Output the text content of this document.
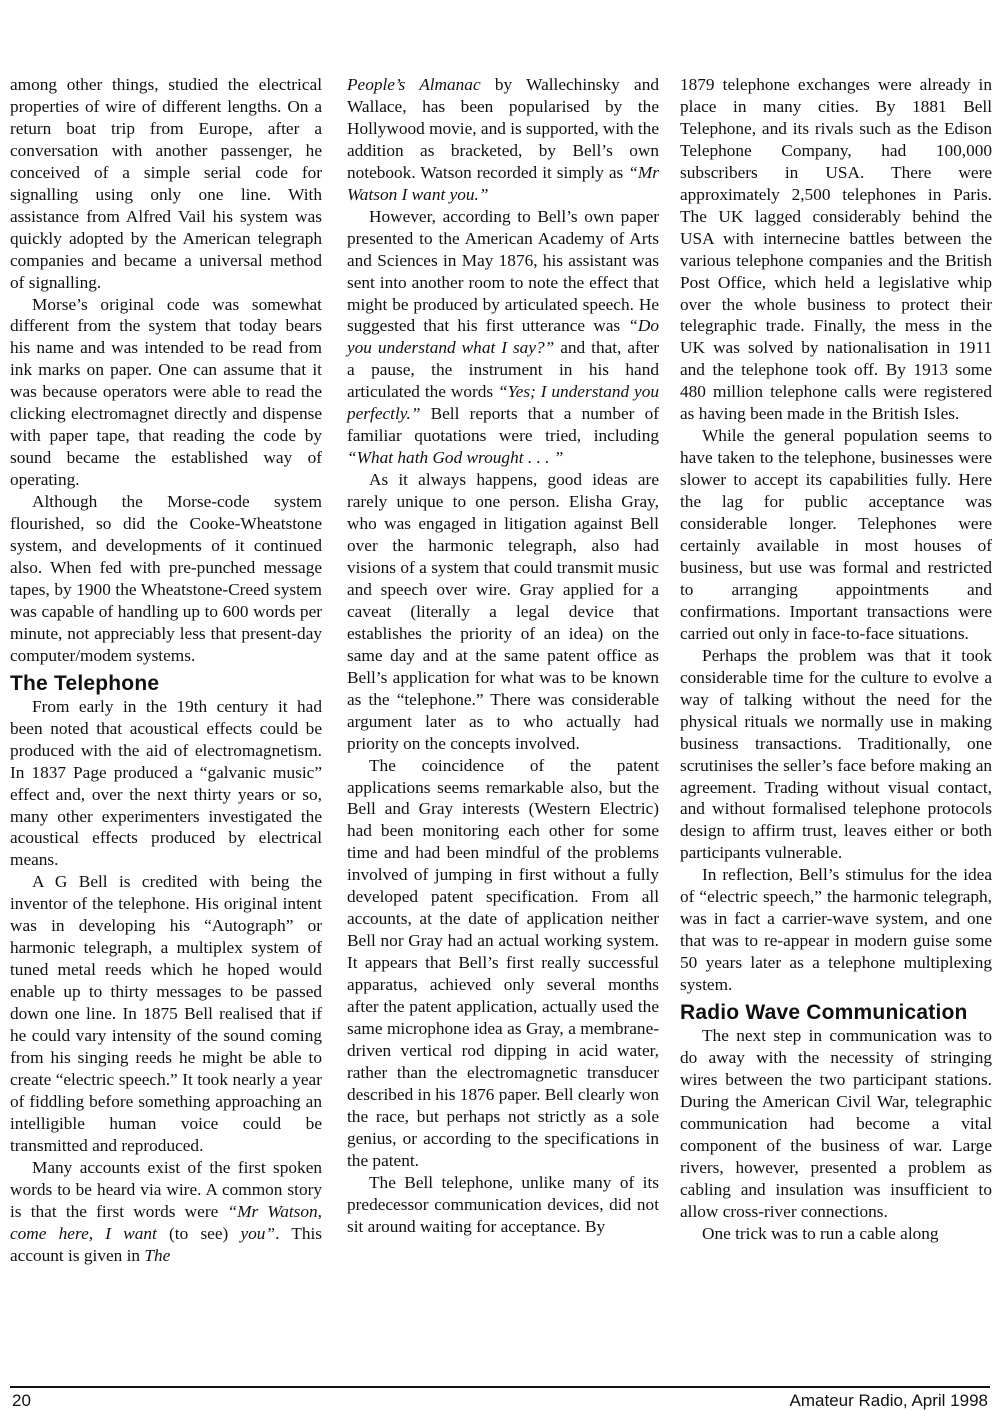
among other things, studied the electrical properties of wire of different lengths. On a return boat trip from Europe, after a conversation with another passenger, he conceived of a simple serial code for signalling using only one line. With assistance from Alfred Vail his system was quickly adopted by the American telegraph companies and became a universal method of signalling.

Morse’s original code was somewhat different from the system that today bears his name and was intended to be read from ink marks on paper. One can assume that it was because operators were able to read the clicking electromagnet directly and dispense with paper tape, that reading the code by sound became the established way of operating.

Although the Morse-code system flourished, so did the Cooke-Wheatstone system, and developments of it continued also. When fed with pre-punched message tapes, by 1900 the Wheatstone-Creed system was capable of handling up to 600 words per minute, not appreciably less that present-day computer/modem systems.

The Telephone

From early in the 19th century it had been noted that acoustical effects could be produced with the aid of electromagnetism. In 1837 Page produced a “galvanic music” effect and, over the next thirty years or so, many other experimenters investigated the acoustical effects produced by electrical means.

A G Bell is credited with being the inventor of the telephone. His original intent was in developing his “Autograph” or harmonic telegraph, a multiplex system of tuned metal reeds which he hoped would enable up to thirty messages to be passed down one line. In 1875 Bell realised that if he could vary intensity of the sound coming from his singing reeds he might be able to create “electric speech.” It took nearly a year of fiddling before something approaching an intelligible human voice could be transmitted and reproduced.

Many accounts exist of the first spoken words to be heard via wire. A common story is that the first words were “Mr Watson, come here, I want (to see) you”. This account is given in The

People’s Almanac by Wallechinsky and Wallace, has been popularised by the Hollywood movie, and is supported, with the addition as bracketed, by Bell’s own notebook. Watson recorded it simply as “Mr Watson I want you.”

However, according to Bell’s own paper presented to the American Academy of Arts and Sciences in May 1876, his assistant was sent into another room to note the effect that might be produced by articulated speech. He suggested that his first utterance was “Do you understand what I say?” and that, after a pause, the instrument in his hand articulated the words “Yes; I understand you perfectly.” Bell reports that a number of familiar quotations were tried, including “What hath God wrought . . . ”

As it always happens, good ideas are rarely unique to one person. Elisha Gray, who was engaged in litigation against Bell over the harmonic telegraph, also had visions of a system that could transmit music and speech over wire. Gray applied for a caveat (literally a legal device that establishes the priority of an idea) on the same day and at the same patent office as Bell’s application for what was to be known as the “telephone.” There was considerable argument later as to who actually had priority on the concepts involved.

The coincidence of the patent applications seems remarkable also, but the Bell and Gray interests (Western Electric) had been monitoring each other for some time and had been mindful of the problems involved of jumping in first without a fully developed patent specification. From all accounts, at the date of application neither Bell nor Gray had an actual working system. It appears that Bell’s first really successful apparatus, achieved only several months after the patent application, actually used the same microphone idea as Gray, a membrane-driven vertical rod dipping in acid water, rather than the electromagnetic transducer described in his 1876 paper. Bell clearly won the race, but perhaps not strictly as a sole genius, or according to the specifications in the patent.

The Bell telephone, unlike many of its predecessor communication devices, did not sit around waiting for acceptance. By

1879 telephone exchanges were already in place in many cities. By 1881 Bell Telephone, and its rivals such as the Edison Telephone Company, had 100,000 subscribers in USA. There were approximately 2,500 telephones in Paris. The UK lagged considerably behind the USA with internecine battles between the various telephone companies and the British Post Office, which held a legislative whip over the whole business to protect their telegraphic trade. Finally, the mess in the UK was solved by nationalisation in 1911 and the telephone took off. By 1913 some 480 million telephone calls were registered as having been made in the British Isles.

While the general population seems to have taken to the telephone, businesses were slower to accept its capabilities fully. Here the lag for public acceptance was considerable longer. Telephones were certainly available in most houses of business, but use was formal and restricted to arranging appointments and confirmations. Important transactions were carried out only in face-to-face situations.

Perhaps the problem was that it took considerable time for the culture to evolve a way of talking without the need for the physical rituals we normally use in making business transactions. Traditionally, one scrutinises the seller’s face before making an agreement. Trading without visual contact, and without formalised telephone protocols design to affirm trust, leaves either or both participants vulnerable.

In reflection, Bell’s stimulus for the idea of “electric speech,” the harmonic telegraph, was in fact a carrier-wave system, and one that was to re-appear in modern guise some 50 years later as a telephone multiplexing system.

Radio Wave Communication

The next step in communication was to do away with the necessity of stringing wires between the two participant stations. During the American Civil War, telegraphic communication had become a vital component of the business of war. Large rivers, however, presented a problem as cabling and insulation was insufficient to allow cross-river connections.

One trick was to run a cable along

20	Amateur Radio, April 1998
